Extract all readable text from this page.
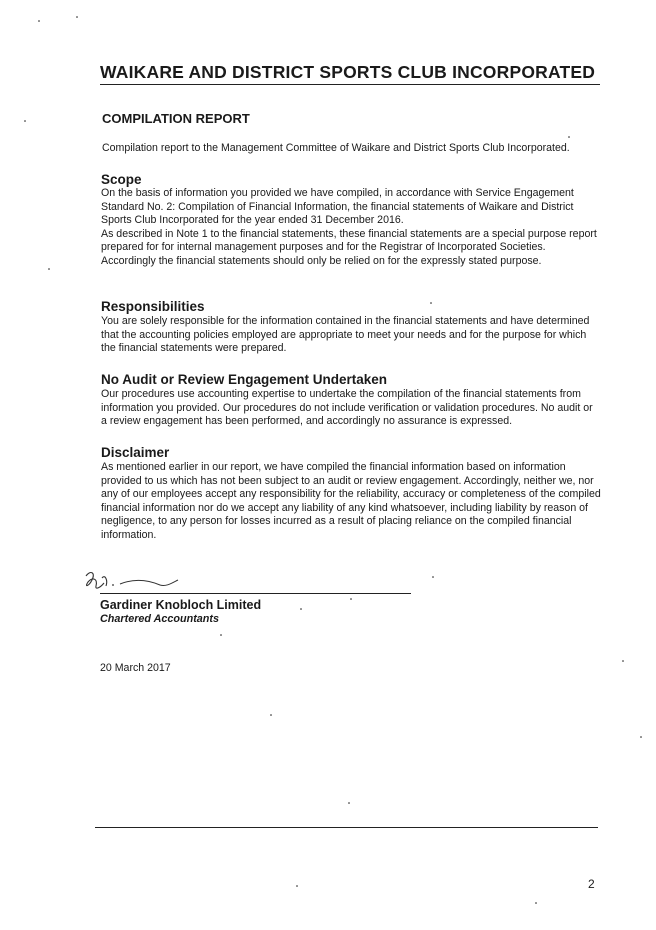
WAIKARE AND DISTRICT SPORTS CLUB INCORPORATED
COMPILATION REPORT
Compilation report to the Management Committee of Waikare and District Sports Club Incorporated.
Scope

On the basis of information you provided we have compiled, in accordance with Service Engagement Standard No. 2: Compilation of Financial Information, the financial statements of Waikare and District Sports Club Incorporated for the year ended 31 December 2016.

As described in Note 1 to the financial statements, these financial statements are a special purpose report prepared for for internal management purposes and for the Registrar of Incorporated Societies. Accordingly the financial statements should only be relied on for the expressly stated purpose.

Responsibilities

You are solely responsible for the information contained in the financial statements and have determined that the accounting policies employed are appropriate to meet your needs and for the purpose for which the financial statements were prepared.

No Audit or Review Engagement Undertaken

Our procedures use accounting expertise to undertake the compilation of the financial statements from information you provided. Our procedures do not include verification or validation procedures. No audit or a review engagement has been performed, and accordingly no assurance is expressed.

Disclaimer

As mentioned earlier in our report, we have compiled the financial information based on information provided to us which has not been subject to an audit or review engagement. Accordingly, neither we, nor any of our employees accept any responsibility for the reliability, accuracy or completeness of the compiled financial information nor do we accept any liability of any kind whatsoever, including liability by reason of negligence, to any person for losses incurred as a result of placing reliance on the compiled financial information.

Gardiner Knobloch Limited
Chartered Accountants
20 March 2017
2
